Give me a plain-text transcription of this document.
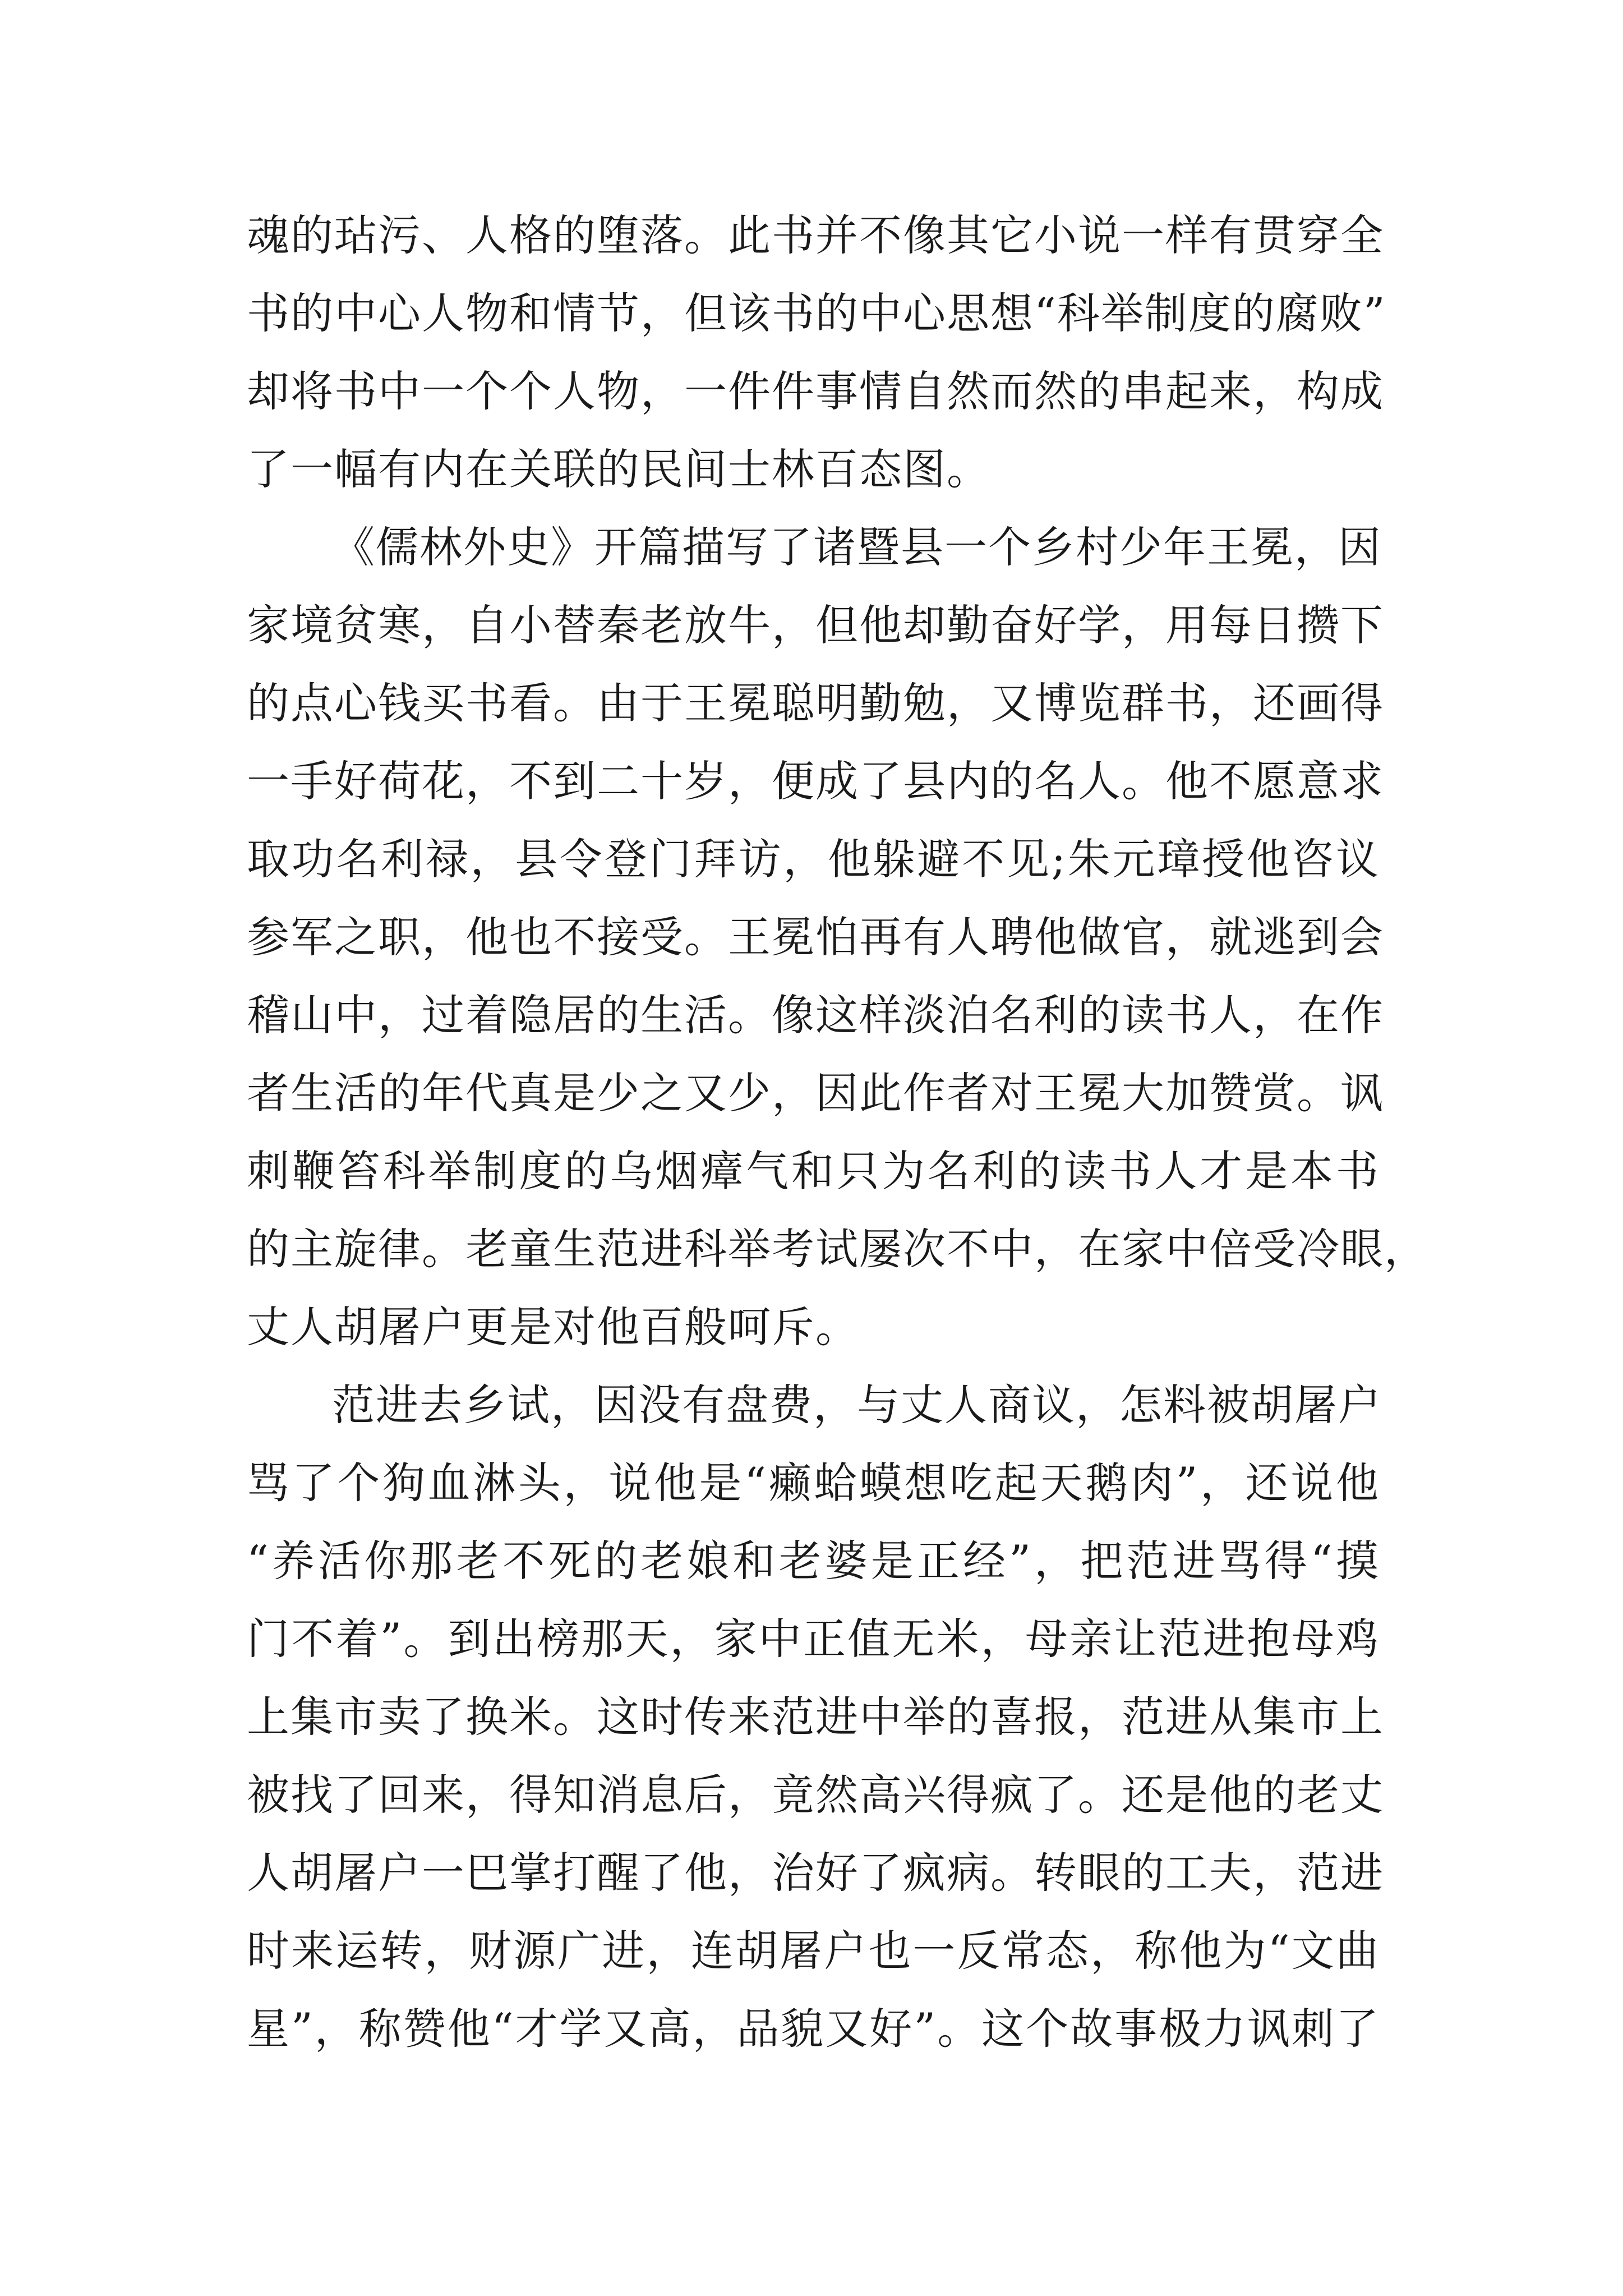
魂的玷污、人格的堕落。此书并不像其它小说一样有贯穿全
书的中心人物和情节，但该书的中心思想“科举制度的腐败”
却将书中一个个人物，一件件事情自然而然的串起来，构成
了一幅有内在关联的民间士林百态图。
《儒林外史》开篇描写了诸暨县一个乡村少年王冕，因
家境贫寒，自小替秦老放牛，但他却勤奋好学，用每日攒下
的点心钱买书看。由于王冕聪明勤勉，又博览群书，还画得
一手好荷花，不到二十岁，便成了县内的名人。他不愿意求
取功名利禄，县令登门拜访，他躲避不见;朱元璋授他咨议
参军之职，他也不接受。王冕怕再有人聘他做官，就逃到会
稽山中，过着隐居的生活。像这样淡泊名利的读书人，在作
者生活的年代真是少之又少，因此作者对王冕大加赞赏。讽
刺鞭笞科举制度的乌烟瘴气和只为名利的读书人才是本书
的主旋律。老童生范进科举考试屡次不中，在家中倍受冷眼，
丈人胡屠户更是对他百般呵斥。
范进去乡试，因没有盘费，与丈人商议，怎料被胡屠户
骂了个狗血淋头，说他是“癞蛤蟆想吃起天鹅肉”，还说他
“养活你那老不死的老娘和老婆是正经”，把范进骂得“摸
门不着”。到出榜那天，家中正值无米，母亲让范进抱母鸡
上集市卖了换米。这时传来范进中举的喜报，范进从集市上
被找了回来，得知消息后，竟然高兴得疯了。还是他的老丈
人胡屠户一巴掌打醒了他，治好了疯病。转眼的工夫，范进
时来运转，财源广进，连胡屠户也一反常态，称他为“文曲
星”，称赞他“才学又高，品貌又好”。这个故事极力讽刺了
